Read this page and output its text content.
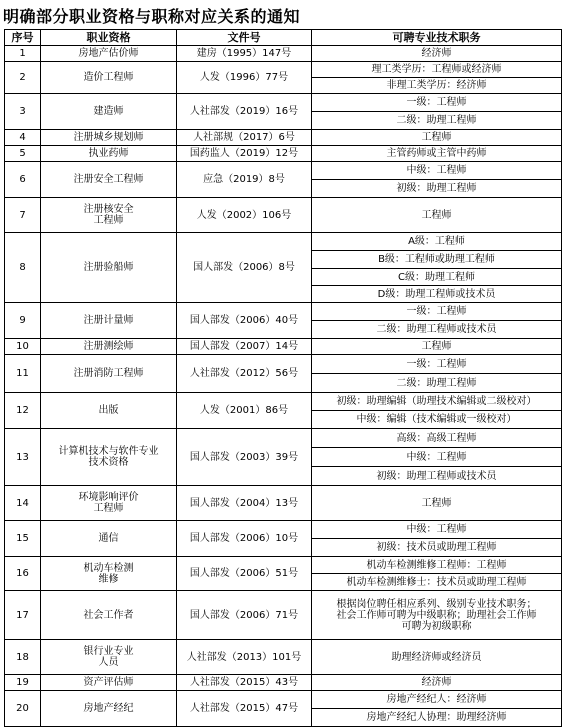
明确部分职业资格与职称对应关系的通知
序号	职业资格	文件号	可聘专业技术职务
1	房地产估价师	建房（1995）147号	经济师
2	造价工程师	人发（1996）77号	理工类学历：工程师或经济师
			非理工类学历：经济师
3	建造师	人社部发（2019）16号	一级：工程师
			二级：助理工程师
4	注册城乡规划师	人社部规（2017）6号	工程师
5	执业药师	国药监人（2019）12号	主管药师或主管中药师
6	注册安全工程师	应急（2019）8号	中级：工程师
			初级：助理工程师
7	注册核安全
工程师	人发（2002）106号	工程师
8	注册验船师	国人部发（2006）8号	A级：工程师
			B级：工程师或助理工程师
			C级：助理工程师
			D级：助理工程师或技术员
9	注册计量师	国人部发（2006）40号	一级：工程师
			二级：助理工程师或技术员
10	注册测绘师	国人部发（2007）14号	工程师
11	注册消防工程师	人社部发（2012）56号	一级：工程师
			二级：助理工程师
12	出版	人发（2001）86号	初级：助理编辑（助理技术编辑或二级校对）
			中级：编辑（技术编辑或一级校对）
13	计算机技术与软件专业
技术资格	国人部发（2003）39号	高级：高级工程师
			中级：工程师
			初级：助理工程师或技术员
14	环境影响评价
工程师	国人部发（2004）13号	工程师
15	通信	国人部发（2006）10号	中级：工程师
			初级：技术员或助理工程师
16	机动车检测
维修	国人部发（2006）51号	机动车检测维修工程师：工程师
			机动车检测维修士：技术员或助理工程师
17	社会工作者	国人部发（2006）71号	根据岗位聘任相应系列、级别专业技术职务；
社会工作师可聘为中级职称；助理社会工作师
可聘为初级职称
18	银行业专业
人员	人社部发（2013）101号	助理经济师或经济员
19	资产评估师	人社部发（2015）43号	经济师
20	房地产经纪	人社部发（2015）47号	房地产经纪人：经济师
			房地产经纪人协理：助理经济师
